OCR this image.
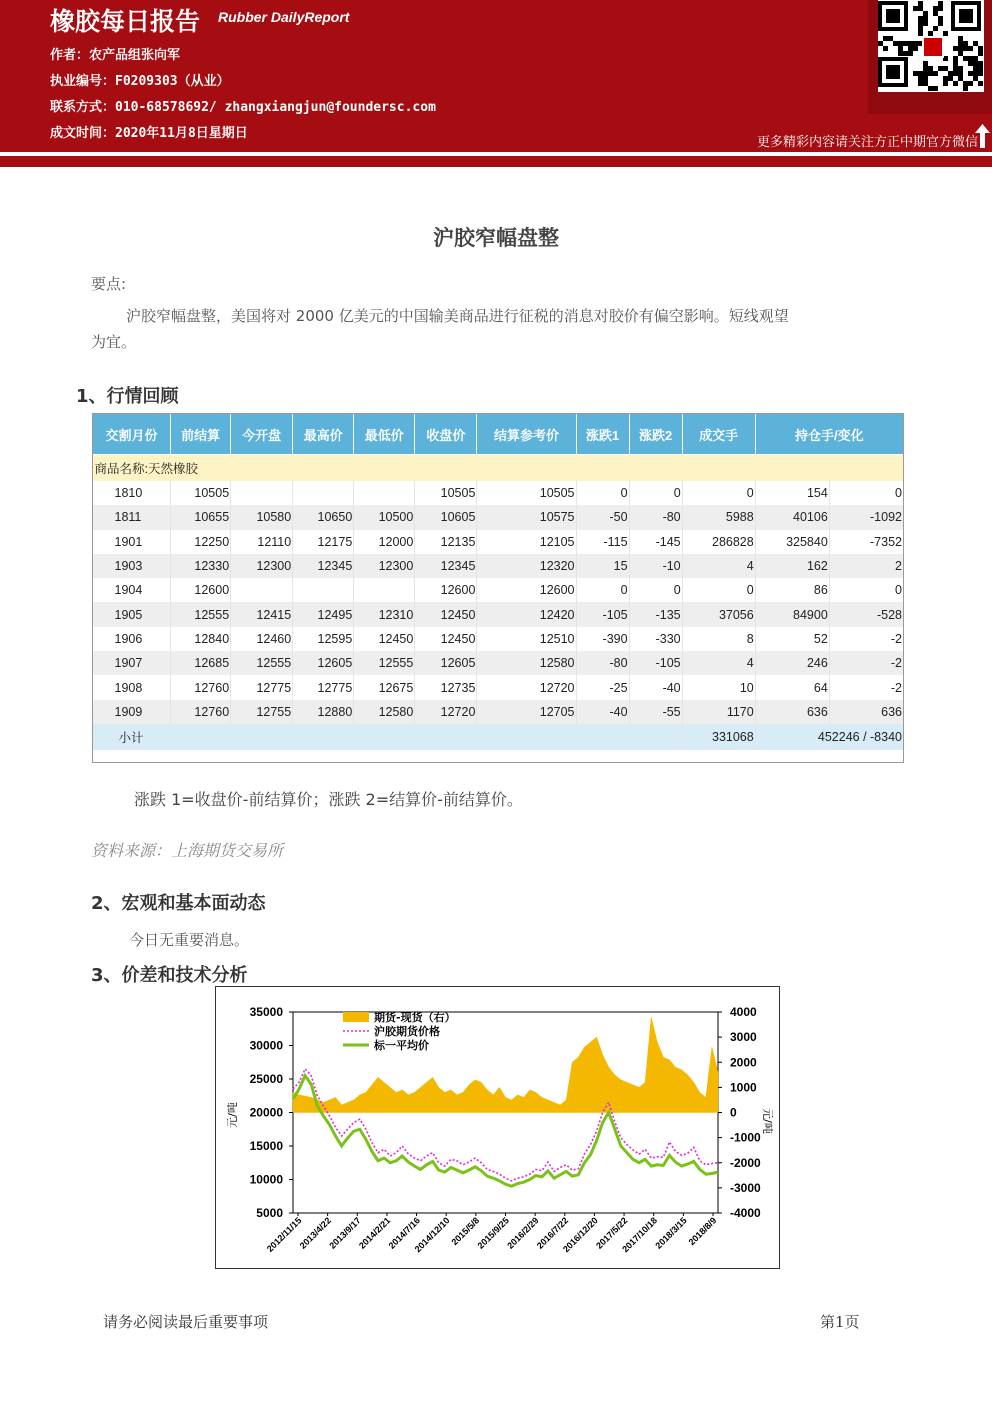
橡胶每日报告 Rubber DailyReport
作者：农产品组张向军
执业编号：F0209303（从业）
联系方式：010-68578692/ zhangxiangjun@foundersc.com
成文时间：2020年11月8日星期日
更多精彩内容请关注方正中期官方微信
沪胶窄幅盘整
要点:
沪胶窄幅盘整，美国将对 2000 亿美元的中国输美商品进行征税的消息对胶价有偏空影响。短线观望
为宜。
1、行情回顾
交割月份	前结算	今开盘	最高价	最低价	收盘价	结算参考价	涨跌1	涨跌2	成交手	持仓手/变化	
商品名称:天然橡胶											
1810	10505				10505	10505	0	0	0	154	0
1811	10655	10580	10650	10500	10605	10575	-50	-80	5988	40106	-1092
1901	12250	12110	12175	12000	12135	12105	-115	-145	286828	325840	-7352
1903	12330	12300	12345	12300	12345	12320	15	-10	4	162	2
1904	12600				12600	12600	0	0	0	86	0
1905	12555	12415	12495	12310	12450	12420	-105	-135	37056	84900	-528
1906	12840	12460	12595	12450	12450	12510	-390	-330	8	52	-2
1907	12685	12555	12605	12555	12605	12580	-80	-105	4	246	-2
1908	12760	12775	12775	12675	12735	12720	-25	-40	10	64	-2
1909	12760	12755	12880	12580	12720	12705	-40	-55	1170	636	636
小计									331068	452246 / -8340	
涨跌 1=收盘价-前结算价；涨跌 2=结算价-前结算价。
资料来源：上海期货交易所
2、宏观和基本面动态
今日无重要消息。
3、价差和技术分析
35000
30000
25000
20000
15000
10000
5000
4000
3000
2000
1000
0
-1000
-2000
-3000
-4000
元/吨	元/吨
2012/11/15
2013/4/22
2013/9/17
2014/2/21
2014/7/16
2014/12/10
2015/5/8
2015/9/25
2016/2/29
2016/7/22
2016/12/20
2017/5/22
2017/10/18
2018/3/15
2018/8/9
期货-现货（右）
沪胶期货价格
标一平均价
请务必阅读最后重要事项	第1页
